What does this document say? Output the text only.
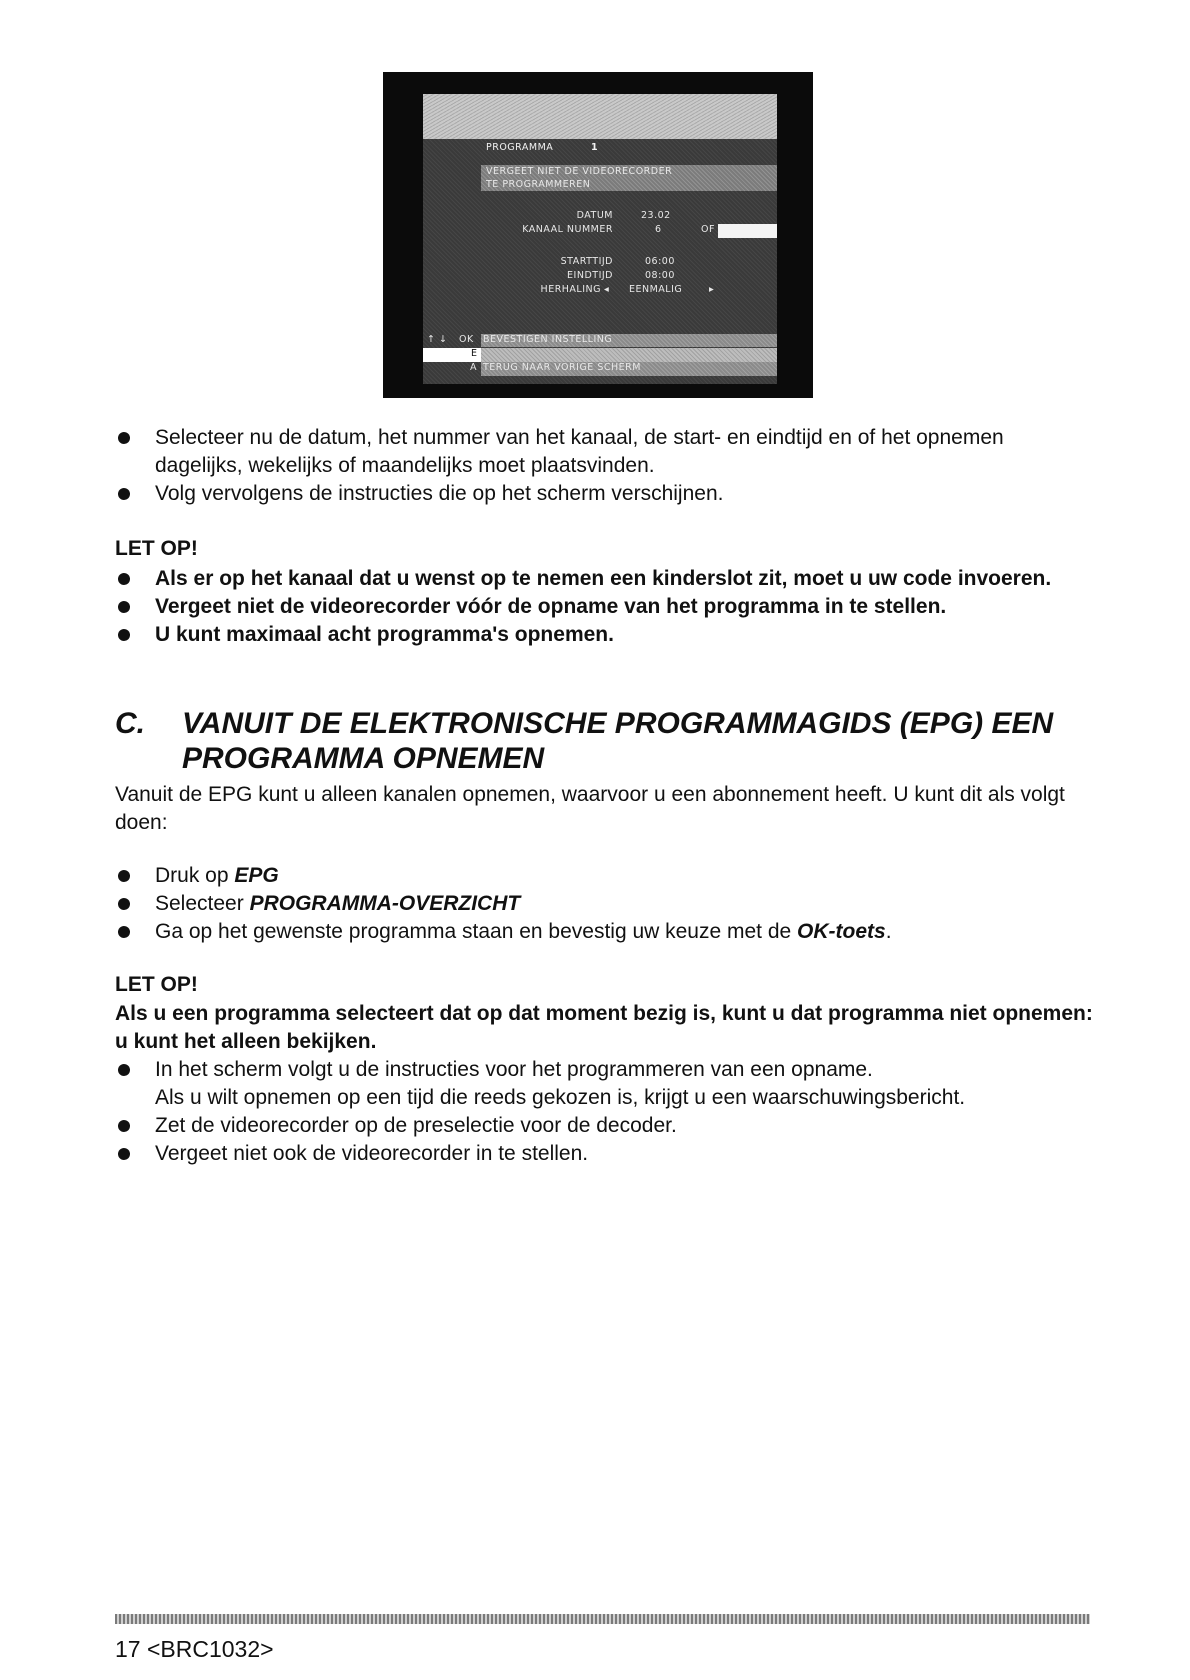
PROGRAMMA	1
VERGEET NIET DE VIDEORECORDER
TE PROGRAMMEREN
DATUM	23.02
KANAAL NUMMER	6	OF
STARTTIJD	06:00
EINDTIJD	08:00
HERHALING ◂ EENMALIG	▸
↑ ↓ OK BEVESTIGEN INSTELLING
E
A TERUG NAAR VORIGE SCHERM
Selecteer nu de datum, het nummer van het kanaal, de start- en eindtijd en of het opnemen dagelijks, wekelijks of maandelijks moet plaatsvinden.
Volg vervolgens de instructies die op het scherm verschijnen.
LET OP!
Als er op het kanaal dat u wenst op te nemen een kinderslot zit, moet u uw code invoeren.
Vergeet niet de videorecorder vóór de opname van het programma in te stellen.
U kunt maximaal acht programma's opnemen.
C. VANUIT DE ELEKTRONISCHE PROGRAMMAGIDS (EPG) EEN
PROGRAMMA OPNEMEN

Vanuit de EPG kunt u alleen kanalen opnemen, waarvoor u een abonnement heeft. U kunt dit als volgt doen:

Druk op EPG
Selecteer PROGRAMMA-OVERZICHT
Ga op het gewenste programma staan en bevestig uw keuze met de OK-toets.
LET OP!

Als u een programma selecteert dat op dat moment bezig is, kunt u dat programma niet opnemen: u kunt het alleen bekijken.

In het scherm volgt u de instructies voor het programmeren van een opname.
Als u wilt opnemen op een tijd die reeds gekozen is, krijgt u een waarschuwingsbericht.
Zet de videorecorder op de preselectie voor de decoder.
Vergeet niet ook de videorecorder in te stellen.
17 <BRC1032>
